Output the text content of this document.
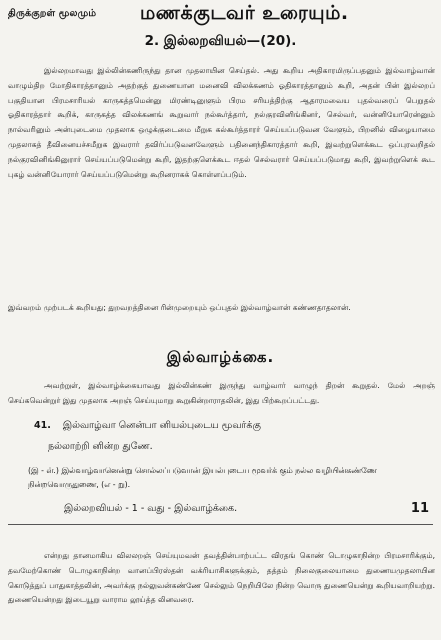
திருக்குறள் மூலமும் மணக்குடவர் உரையும்.
2. இல்லறவியல்—(20).
இல்லறமாவது இல்லின்கணிருந்து தான முதலாயின செய்தல். அது கூறிய அதிகாரமிருப்பதனும் இல்வாழ்வான் வாழும்திற மோதிகாரத்தானும் அதற்குத் துணையான மனைவி விலக்கணம் ஓதிகாரத்தானும் கூறி, அதன் பின் இல்லறப் பகுதியான பிரமசாரியல் காருகத்தமென்னு மிரண்டினுளும் பிரம சரியத்திற்கு ஆதாரமவைய புதல்வரைப் பெறுதல் ஓதிகாரத்தார் கூறிக், காருகத்த விலக்கணங் கூறுவார் நல்கூர்த்தார், நல்குரவினிங்கினர், செல்வர், வன்னியோரென்னும் நால்வரினும் அன்புடைமை முதலாக ஒழுக்குடைமை மீறுக கல்கூர்த்தாரர் செய்யப்படுவன வேளும், பிறனில் விழையாமை முதலாகத் தீவினையச்சமீறுக இவரார் தவிர்ப்படுவனவேளும் பதினைந்திகாரத்தார் கூறி, இவற்றுளெக்கூட ஒப்புரவறிதல் நல்குரவினிங்கினுரார் செய்யப்படுமென்று கூறி, இதற்குளெக்கூட ஈதல் செல்வரார் செய்யப்படுமாது கூறி, இவற்றுளெக் கூட புகழ் வன்னியோரார் செய்யப்படுமென்று கூறினராகக் கொள்ளப்படும்.
இவ்வறம் முற்படக் கூறியது; துறவறத்தினை ரின்முறையும் ஒப்புதல் இல்வாழ்வான் கண்ணதாதலான்.
இல்வாழ்க்கை.
அவற்றுள், இல்வாழ்க்கையாவது இல்லின்கண் இருந்து வாழ்வார் வாழுந் திறன் கூறுதல். மேல் அறஞ் செய்கவென்றுர் இது முதலாக அறஞ் செய்யுமாறு கூறுகின்றாராதலின், இது பிற்கூறப்பட்டது.
41. இல்வாழ்வா னென்பா னியல்புடைய மூவர்க்கு
நல்லாற்றி னின்ற துணே.
(இ - ள்.) இல்வாழ்வானென்று சொல்லப்படுவான் இயல்புடைய மூவர்க் கும் நல்ல வழியின்கண்ணே நின்றவொருதுணை, (எ - று).
இல்லறவியல் - 1 - வது - இல்வாழ்க்கை.	11
என்றது தானமாகிய விலலறஞ் செய்யுமவன் தவத்தின்பாற்பட்ட விரதங் கொண் டொழுகாநின்ற பிரமசாரிக்கும், தவமேற்கொண் டொழுகாநின்ற வானப்பிரஸ்தன் வக்ரியாசிகளுக்கும், தத்தம் நிலைகுலையாமை துணையமுதலாயின கொடுத்துப் பாதுகாத்தலின், அவர்க்கு நல்லுவன்கண்ணே செல்லும் நெறியிலே நின்ற வொரு துணையென்று கூறியவாறியற்று. துணையென்றது இடையூறு வாராம லூய்த்த லினவரை.
